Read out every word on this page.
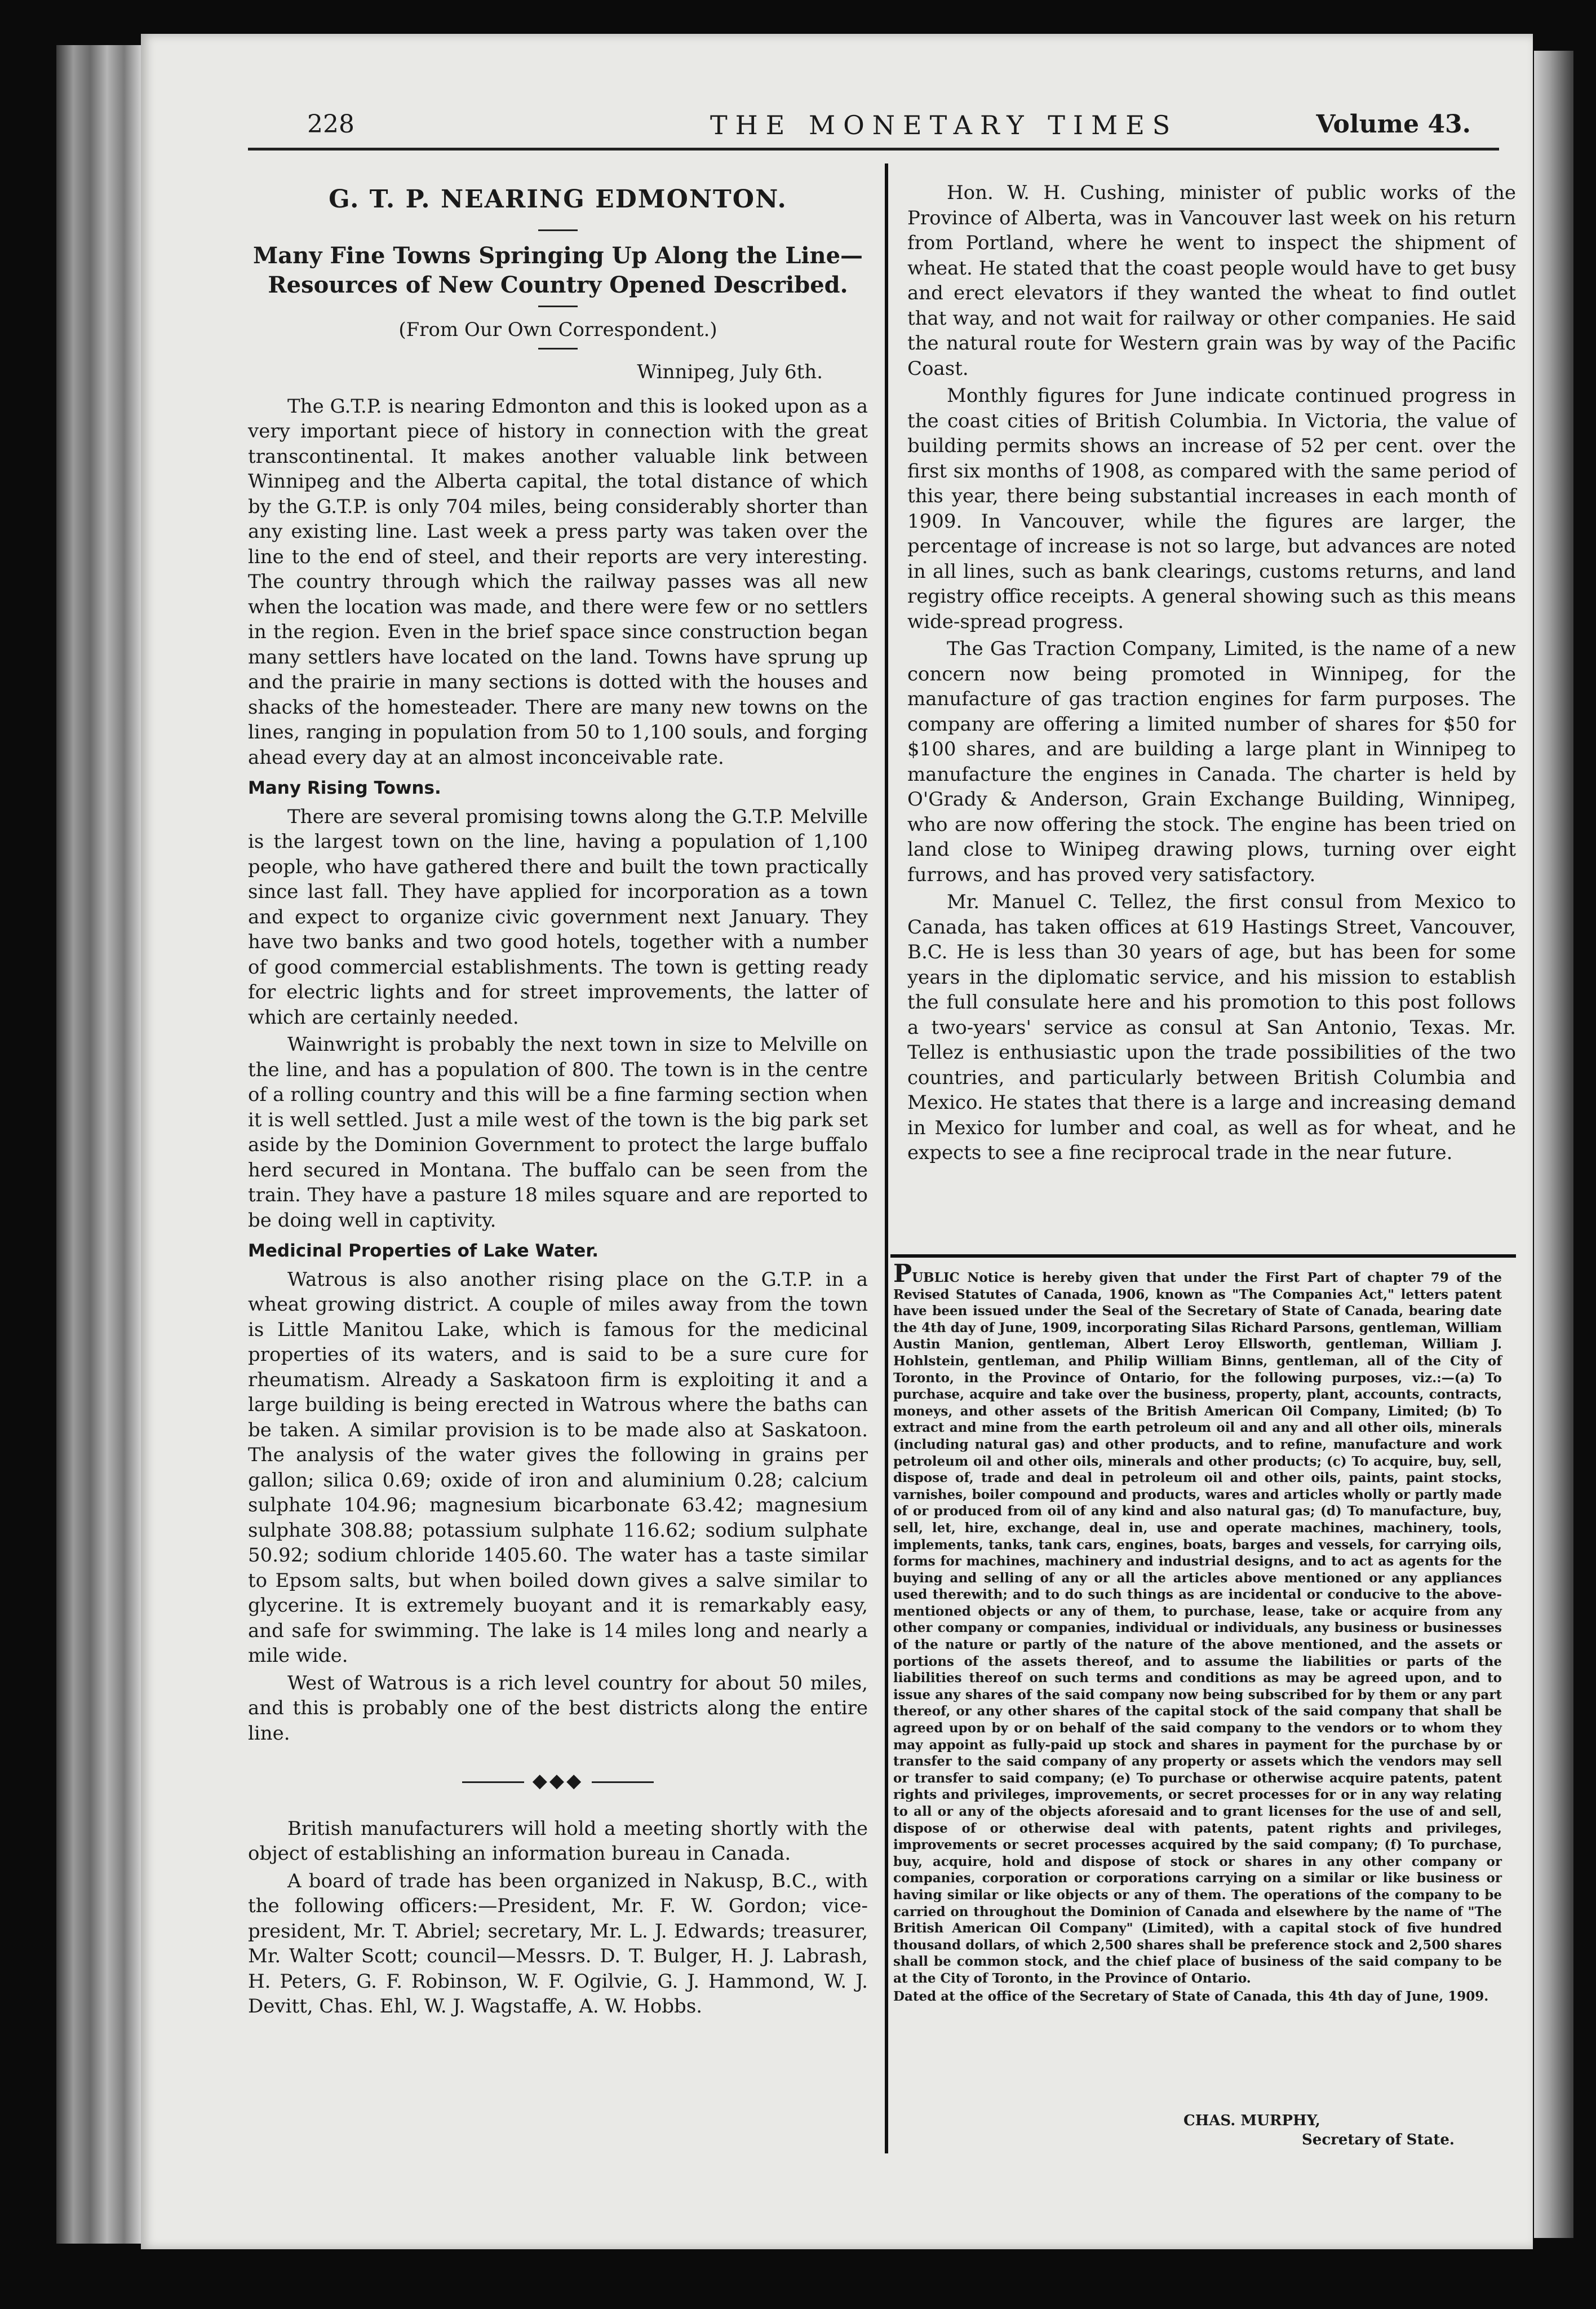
228	THE MONETARY TIMES	Volume 43.
G. T. P. NEARING EDMONTON.
Many Fine Towns Springing Up Along the Line— Resources of New Country Opened Described.
(From Our Own Correspondent.)
Winnipeg, July 6th.

The G.T.P. is nearing Edmonton and this is looked upon as a very important piece of history in connection with the great transcontinental. It makes another valuable link between Winnipeg and the Alberta capital, the total distance of which by the G.T.P. is only 704 miles, being considerably shorter than any existing line. Last week a press party was taken over the line to the end of steel, and their reports are very interesting. The country through which the railway passes was all new when the location was made, and there were few or no settlers in the region. Even in the brief space since construction began many settlers have located on the land. Towns have sprung up and the prairie in many sections is dotted with the houses and shacks of the homesteader. There are many new towns on the lines, ranging in population from 50 to 1,100 souls, and forging ahead every day at an almost inconceivable rate.

Many Rising Towns.

There are several promising towns along the G.T.P. Melville is the largest town on the line, having a population of 1,100 people, who have gathered there and built the town practically since last fall. They have applied for incorporation as a town and expect to organize civic government next January. They have two banks and two good hotels, together with a number of good commercial establishments. The town is getting ready for electric lights and for street improvements, the latter of which are certainly needed.

Wainwright is probably the next town in size to Melville on the line, and has a population of 800. The town is in the centre of a rolling country and this will be a fine farming section when it is well settled. Just a mile west of the town is the big park set aside by the Dominion Government to protect the large buffalo herd secured in Montana. The buffalo can be seen from the train. They have a pasture 18 miles square and are reported to be doing well in captivity.

Medicinal Properties of Lake Water.

Watrous is also another rising place on the G.T.P. in a wheat growing district. A couple of miles away from the town is Little Manitou Lake, which is famous for the medicinal properties of its waters, and is said to be a sure cure for rheumatism. Already a Saskatoon firm is exploiting it and a large building is being erected in Watrous where the baths can be taken. A similar provision is to be made also at Saskatoon. The analysis of the water gives the following in grains per gallon; silica 0.69; oxide of iron and aluminium 0.28; calcium sulphate 104.96; magnesium bicarbonate 63.42; magnesium sulphate 308.88; potassium sulphate 116.62; sodium sulphate 50.92; sodium chloride 1405.60. The water has a taste similar to Epsom salts, but when boiled down gives a salve similar to glycerine. It is extremely buoyant and it is remarkably easy, and safe for swimming. The lake is 14 miles long and nearly a mile wide.

West of Watrous is a rich level country for about 50 miles, and this is probably one of the best districts along the entire line.

◆◆◆

British manufacturers will hold a meeting shortly with the object of establishing an information bureau in Canada.

A board of trade has been organized in Nakusp, B.C., with the following officers:—President, Mr. F. W. Gordon; vice-president, Mr. T. Abriel; secretary, Mr. L. J. Edwards; treasurer, Mr. Walter Scott; council—Messrs. D. T. Bulger, H. J. Labrash, H. Peters, G. F. Robinson, W. F. Ogilvie, G. J. Hammond, W. J. Devitt, Chas. Ehl, W. J. Wagstaffe, A. W. Hobbs.

Hon. W. H. Cushing, minister of public works of the Province of Alberta, was in Vancouver last week on his return from Portland, where he went to inspect the shipment of wheat. He stated that the coast people would have to get busy and erect elevators if they wanted the wheat to find outlet that way, and not wait for railway or other companies. He said the natural route for Western grain was by way of the Pacific Coast.

Monthly figures for June indicate continued progress in the coast cities of British Columbia. In Victoria, the value of building permits shows an increase of 52 per cent. over the first six months of 1908, as compared with the same period of this year, there being substantial increases in each month of 1909. In Vancouver, while the figures are larger, the percentage of increase is not so large, but advances are noted in all lines, such as bank clearings, customs returns, and land registry office receipts. A general showing such as this means wide-spread progress.

The Gas Traction Company, Limited, is the name of a new concern now being promoted in Winnipeg, for the manufacture of gas traction engines for farm purposes. The company are offering a limited number of shares for $50 for $100 shares, and are building a large plant in Winnipeg to manufacture the engines in Canada. The charter is held by O'Grady & Anderson, Grain Exchange Building, Winnipeg, who are now offering the stock. The engine has been tried on land close to Winipeg drawing plows, turning over eight furrows, and has proved very satisfactory.

Mr. Manuel C. Tellez, the first consul from Mexico to Canada, has taken offices at 619 Hastings Street, Vancouver, B.C. He is less than 30 years of age, but has been for some years in the diplomatic service, and his mission to establish the full consulate here and his promotion to this post follows a two-years' service as consul at San Antonio, Texas. Mr. Tellez is enthusiastic upon the trade possibilities of the two countries, and particularly between British Columbia and Mexico. He states that there is a large and increasing demand in Mexico for lumber and coal, as well as for wheat, and he expects to see a fine reciprocal trade in the near future.

PUBLIC Notice is hereby given that under the First Part of chapter 79 of the Revised Statutes of Canada, 1906, known as "The Companies Act," letters patent have been issued under the Seal of the Secretary of State of Canada, bearing date the 4th day of June, 1909, incorporating Silas Richard Parsons, gentleman, William Austin Manion, gentleman, Albert Leroy Ellsworth, gentleman, William J. Hohlstein, gentleman, and Philip William Binns, gentleman, all of the City of Toronto, in the Province of Ontario, for the following purposes, viz.:—(a) To purchase, acquire and take over the business, property, plant, accounts, contracts, moneys, and other assets of the British American Oil Company, Limited; (b) To extract and mine from the earth petroleum oil and any and all other oils, minerals (including natural gas) and other products, and to refine, manufacture and work petroleum oil and other oils, minerals and other products; (c) To acquire, buy, sell, dispose of, trade and deal in petroleum oil and other oils, paints, paint stocks, varnishes, boiler compound and products, wares and articles wholly or partly made of or produced from oil of any kind and also natural gas; (d) To manufacture, buy, sell, let, hire, exchange, deal in, use and operate machines, machinery, tools, implements, tanks, tank cars, engines, boats, barges and vessels, for carrying oils, forms for machines, machinery and industrial designs, and to act as agents for the buying and selling of any or all the articles above mentioned or any appliances used therewith; and to do such things as are incidental or conducive to the above-mentioned objects or any of them, to purchase, lease, take or acquire from any other company or companies, individual or individuals, any business or businesses of the nature or partly of the nature of the above mentioned, and the assets or portions of the assets thereof, and to assume the liabilities or parts of the liabilities thereof on such terms and conditions as may be agreed upon, and to issue any shares of the said company now being subscribed for by them or any part thereof, or any other shares of the capital stock of the said company that shall be agreed upon by or on behalf of the said company to the vendors or to whom they may appoint as fully-paid up stock and shares in payment for the purchase by or transfer to the said company of any property or assets which the vendors may sell or transfer to said company; (e) To purchase or otherwise acquire patents, patent rights and privileges, improvements, or secret processes for or in any way relating to all or any of the objects aforesaid and to grant licenses for the use of and sell, dispose of or otherwise deal with patents, patent rights and privileges, improvements or secret processes acquired by the said company; (f) To purchase, buy, acquire, hold and dispose of stock or shares in any other company or companies, corporation or corporations carrying on a similar or like business or having similar or like objects or any of them. The operations of the company to be carried on throughout the Dominion of Canada and elsewhere by the name of "The British American Oil Company" (Limited), with a capital stock of five hundred thousand dollars, of which 2,500 shares shall be preference stock and 2,500 shares shall be common stock, and the chief place of business of the said company to be at the City of Toronto, in the Province of Ontario.
Dated at the office of the Secretary of State of Canada, this 4th day of June, 1909.
CHAS. MURPHY,
Secretary of State.
